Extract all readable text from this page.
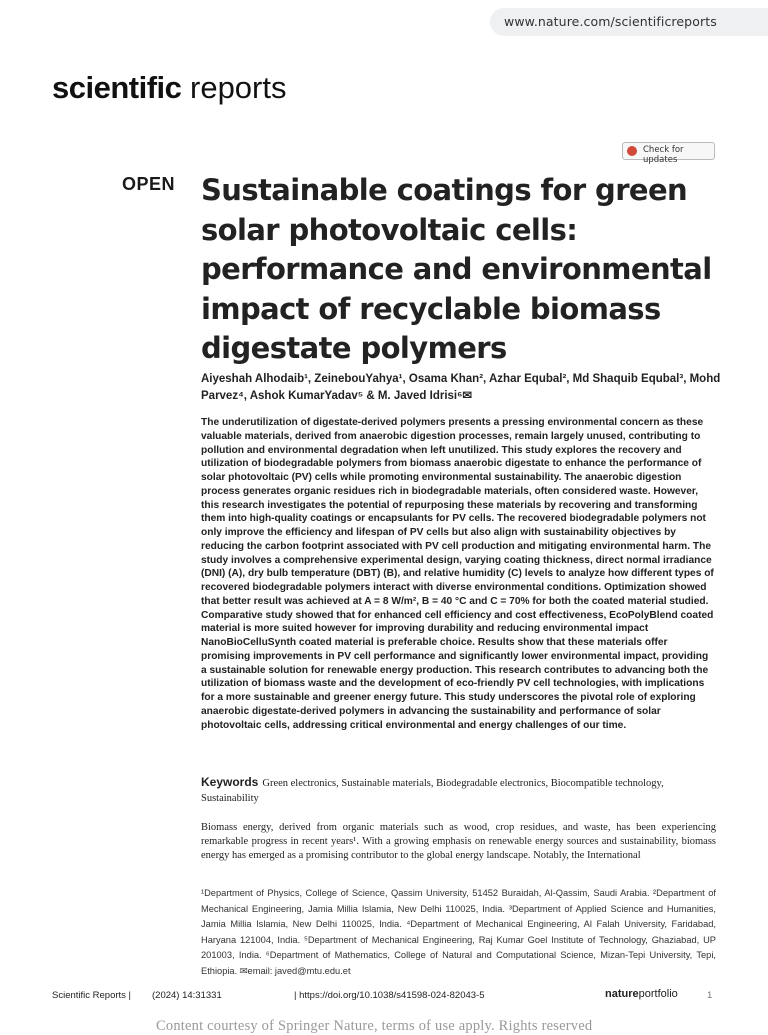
www.nature.com/scientificreports
scientific reports
Check for updates
OPEN Sustainable coatings for green solar photovoltaic cells: performance and environmental impact of recyclable biomass digestate polymers
Aiyeshah Alhodaib¹, ZeinebouYahya¹, Osama Khan², Azhar Equbal², Md Shaquib Equbal³, Mohd Parvez⁴, Ashok KumarYadav⁵ & M. Javed Idrisi⁶✉
The underutilization of digestate-derived polymers presents a pressing environmental concern as these valuable materials, derived from anaerobic digestion processes, remain largely unused, contributing to pollution and environmental degradation when left unutilized. This study explores the recovery and utilization of biodegradable polymers from biomass anaerobic digestate to enhance the performance of solar photovoltaic (PV) cells while promoting environmental sustainability. The anaerobic digestion process generates organic residues rich in biodegradable materials, often considered waste. However, this research investigates the potential of repurposing these materials by recovering and transforming them into high-quality coatings or encapsulants for PV cells. The recovered biodegradable polymers not only improve the efficiency and lifespan of PV cells but also align with sustainability objectives by reducing the carbon footprint associated with PV cell production and mitigating environmental harm. The study involves a comprehensive experimental design, varying coating thickness, direct normal irradiance (DNI) (A), dry bulb temperature (DBT) (B), and relative humidity (C) levels to analyze how different types of recovered biodegradable polymers interact with diverse environmental conditions. Optimization showed that better result was achieved at A = 8 W/m², B = 40 °C and C = 70% for both the coated material studied. Comparative study showed that for enhanced cell efficiency and cost effectiveness, EcoPolyBlend coated material is more suited however for improving durability and reducing environmental impact NanoBioCelluSynth coated material is preferable choice. Results show that these materials offer promising improvements in PV cell performance and significantly lower environmental impact, providing a sustainable solution for renewable energy production. This research contributes to advancing both the utilization of biomass waste and the development of eco-friendly PV cell technologies, with implications for a more sustainable and greener energy future. This study underscores the pivotal role of exploring anaerobic digestate-derived polymers in advancing the sustainability and performance of solar photovoltaic cells, addressing critical environmental and energy challenges of our time.
Keywords Green electronics, Sustainable materials, Biodegradable electronics, Biocompatible technology, Sustainability
Biomass energy, derived from organic materials such as wood, crop residues, and waste, has been experiencing remarkable progress in recent years¹. With a growing emphasis on renewable energy sources and sustainability, biomass energy has emerged as a promising contributor to the global energy landscape. Notably, the International
¹Department of Physics, College of Science, Qassim University, 51452 Buraidah, Al-Qassim, Saudi Arabia. ²Department of Mechanical Engineering, Jamia Millia Islamia, New Delhi 110025, India. ³Department of Applied Science and Humanities, Jamia Millia Islamia, New Delhi 110025, India. ⁴Department of Mechanical Engineering, Al Falah University, Faridabad, Haryana 121004, India. ⁵Department of Mechanical Engineering, Raj Kumar Goel Institute of Technology, Ghaziabad, UP 201003, India. ⁶Department of Mathematics, College of Natural and Computational Science, Mizan-Tepi University, Tepi, Ethiopia. ✉email: javed@mtu.edu.et
Scientific Reports | (2024) 14:31331	| https://doi.org/10.1038/s41598-024-82043-5	natureportfolio	1
Content courtesy of Springer Nature, terms of use apply. Rights reserved
